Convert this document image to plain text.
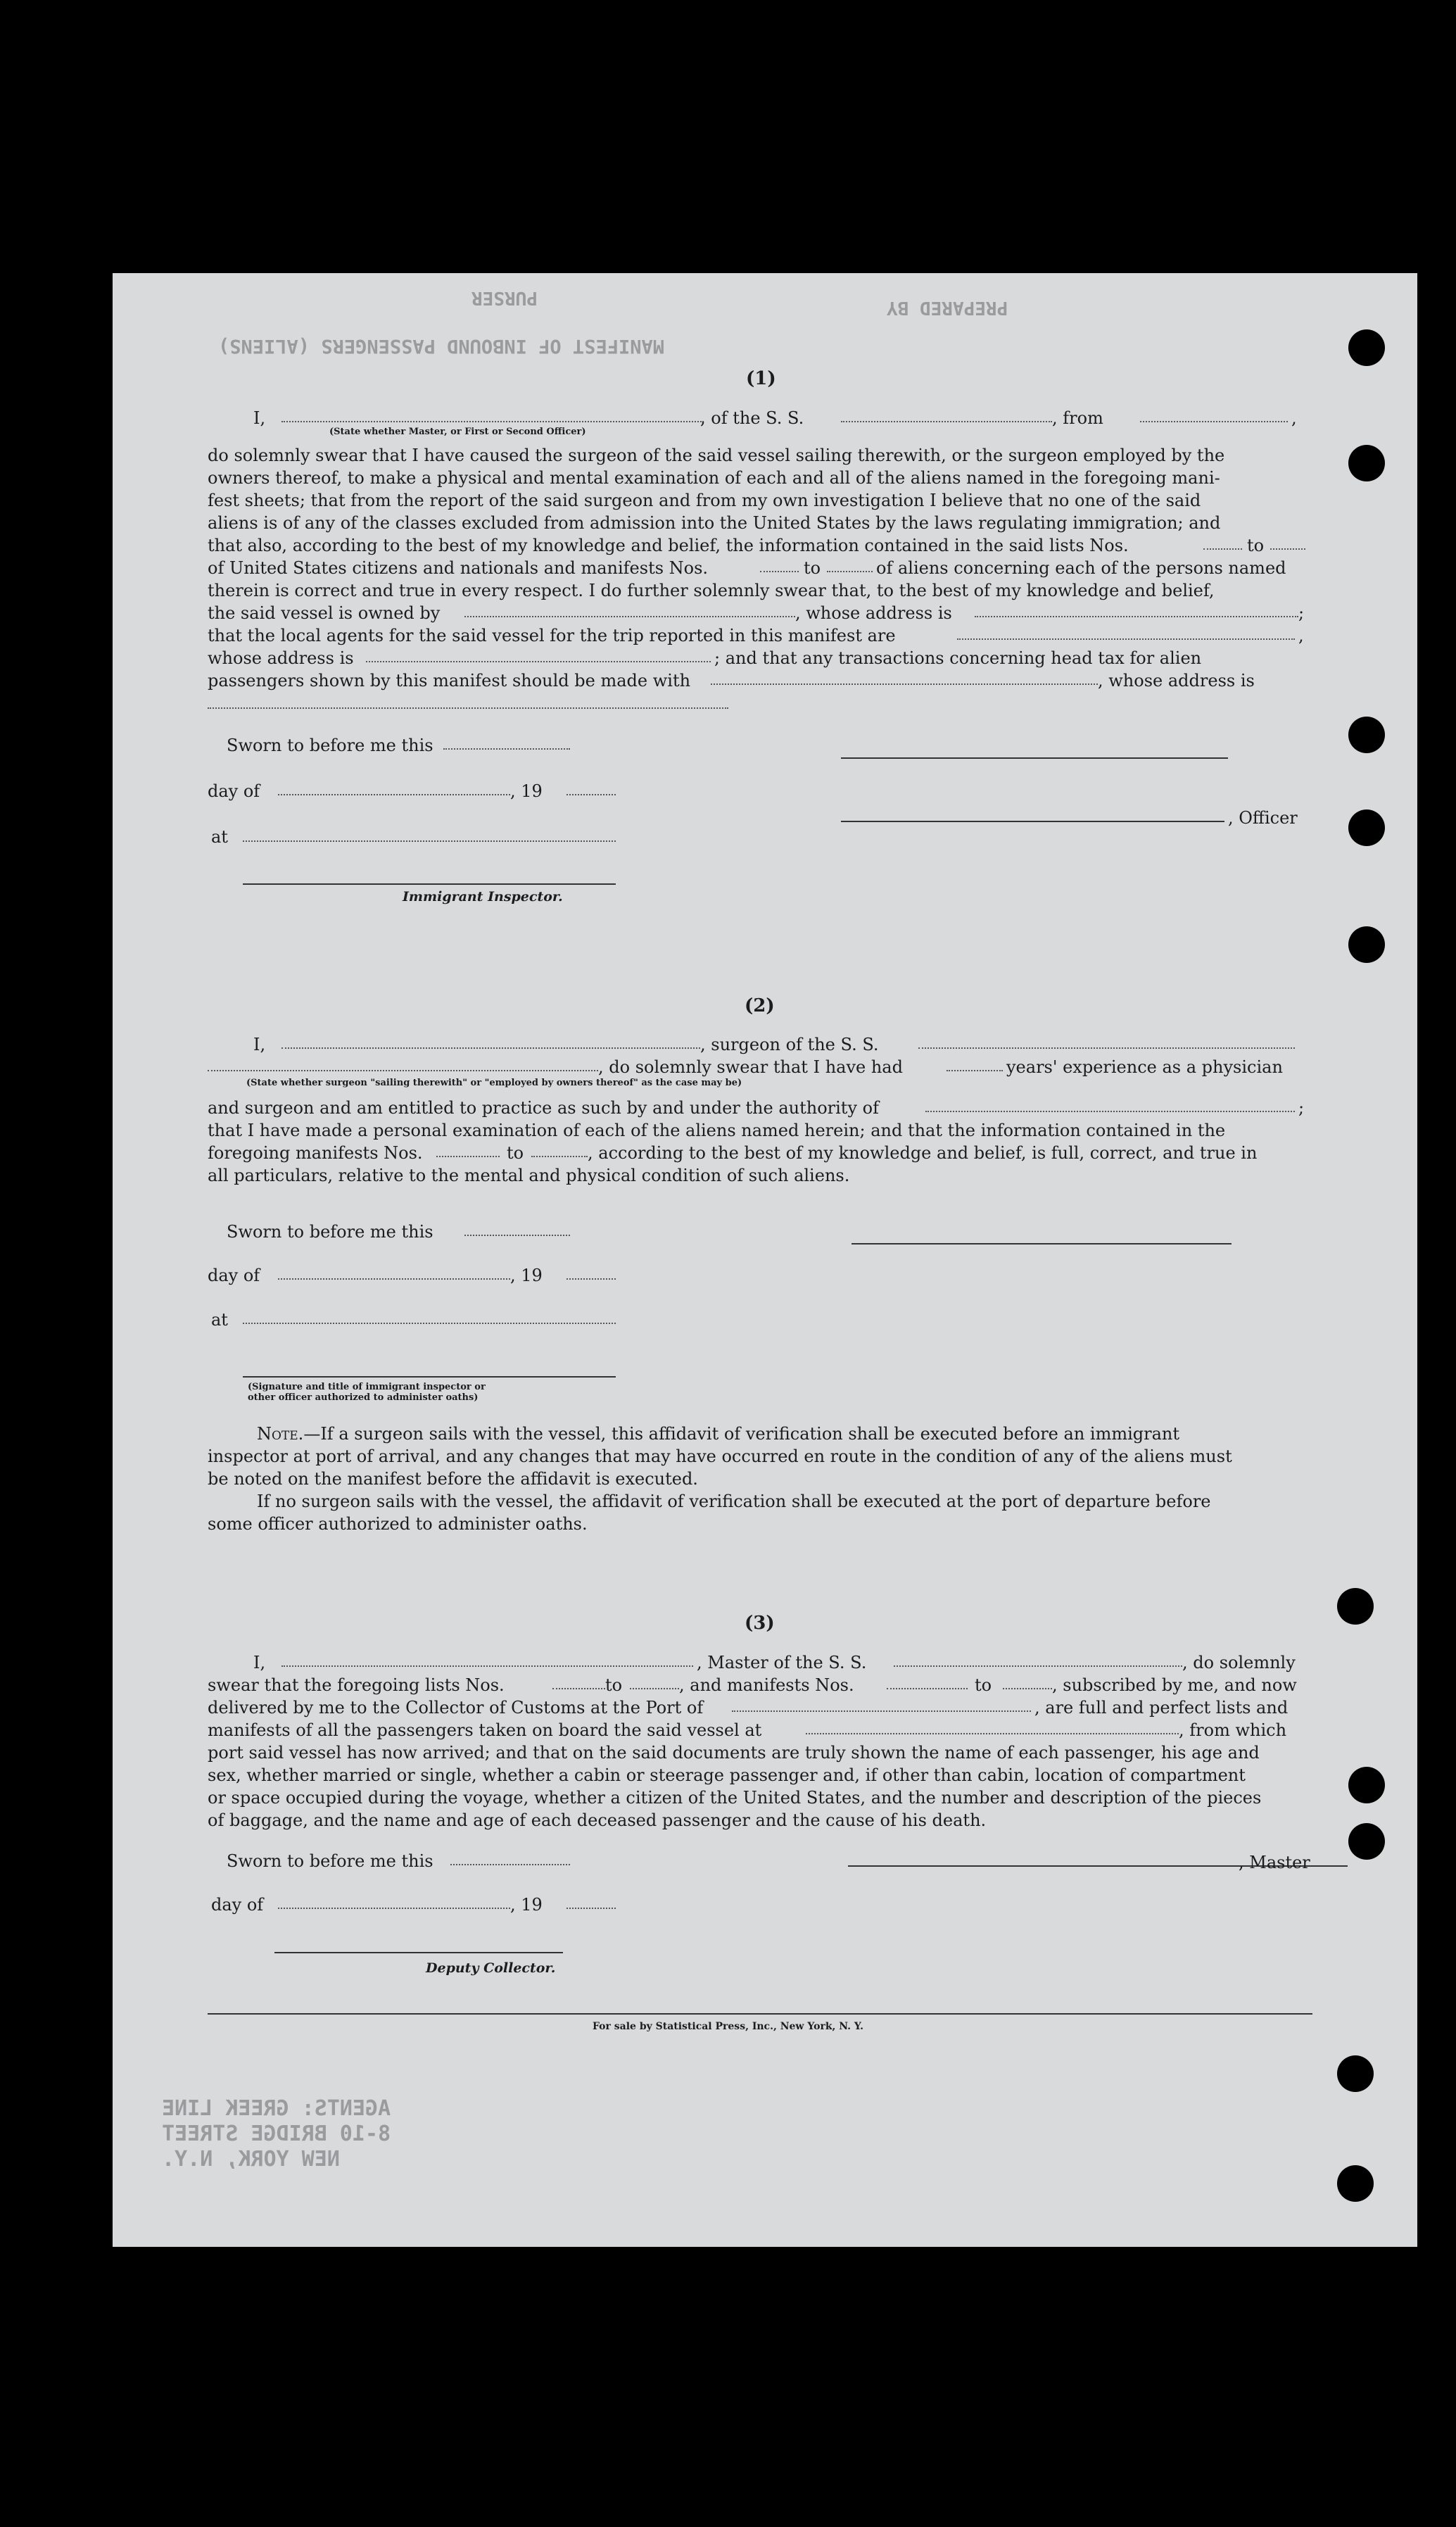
MANIFEST OF INBOUND PASSENGERS (ALIENS)
PURSER	PREPARED BY
(1)
I,	, of the S. S.	, from	,
(State whether Master, or First or Second Officer)
do solemnly swear that I have caused the surgeon of the said vessel sailing therewith, or the surgeon employed by the
owners thereof, to make a physical and mental examination of each and all of the aliens named in the foregoing mani-
fest sheets; that from the report of the said surgeon and from my own investigation I believe that no one of the said
aliens is of any of the classes excluded from admission into the United States by the laws regulating immigration; and
that also, according to the best of my knowledge and belief, the information contained in the said lists Nos.	to
of United States citizens and nationals and manifests Nos.	to	of aliens concerning each of the persons named
therein is correct and true in every respect. I do further solemnly swear that, to the best of my knowledge and belief,
the said vessel is owned by	, whose address is	;
that the local agents for the said vessel for the trip reported in this manifest are	,
whose address is	; and that any transactions concerning head tax for alien
passengers shown by this manifest should be made with	, whose address is
Sworn to before me this
day of	, 19
, Officer
at
Immigrant Inspector.
(2)
I,	, surgeon of the S. S.
, do solemnly swear that I have had	years' experience as a physician
(State whether surgeon "sailing therewith" or "employed by owners thereof" as the case may be)
and surgeon and am entitled to practice as such by and under the authority of	;
that I have made a personal examination of each of the aliens named herein; and that the information contained in the
foregoing manifests Nos.	to	, according to the best of my knowledge and belief, is full, correct, and true in
all particulars, relative to the mental and physical condition of such aliens.
Sworn to before me this
day of	, 19
at
(Signature and title of immigrant inspector or
other officer authorized to administer oaths)
Note.—If a surgeon sails with the vessel, this affidavit of verification shall be executed before an immigrant
inspector at port of arrival, and any changes that may have occurred en route in the condition of any of the aliens must
be noted on the manifest before the affidavit is executed.
If no surgeon sails with the vessel, the affidavit of verification shall be executed at the port of departure before
some officer authorized to administer oaths.
(3)
I,	, Master of the S. S.	, do solemnly
swear that the foregoing lists Nos.	to	, and manifests Nos.	to	, subscribed by me, and now
delivered by me to the Collector of Customs at the Port of	, are full and perfect lists and
manifests of all the passengers taken on board the said vessel at	, from which
port said vessel has now arrived; and that on the said documents are truly shown the name of each passenger, his age and
sex, whether married or single, whether a cabin or steerage passenger and, if other than cabin, location of compartment
or space occupied during the voyage, whether a citizen of the United States, and the number and description of the pieces
of baggage, and the name and age of each deceased passenger and the cause of his death.
Sworn to before me this	, Master
day of	, 19
Deputy Collector.
For sale by Statistical Press, Inc., New York, N. Y.
AGENTS: GREEK LINE
8-10 BRIDGE STREET
NEW YORK, N.Y.
